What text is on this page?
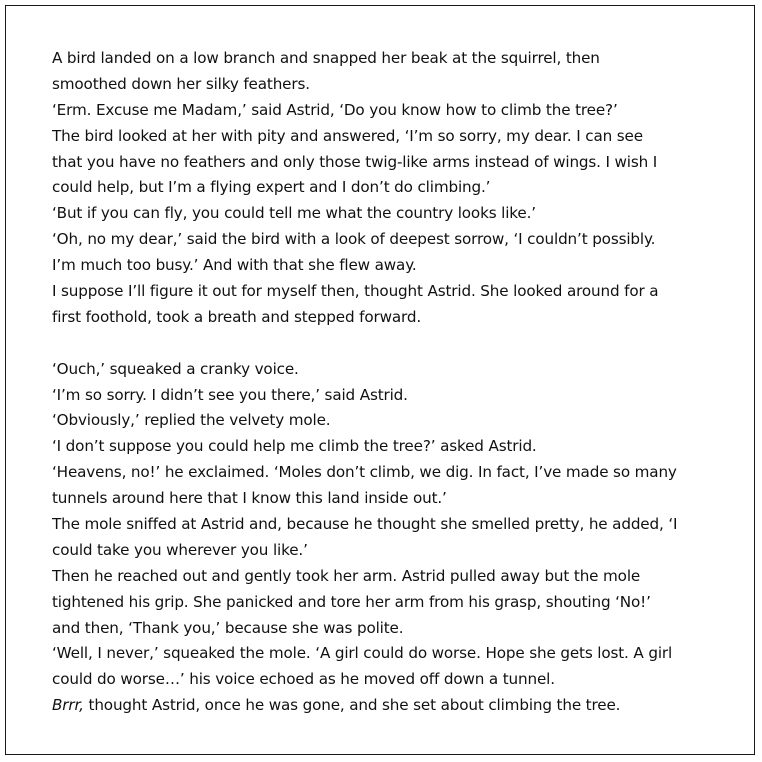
A bird landed on a low branch and snapped her beak at the squirrel, then
smoothed down her silky feathers.
‘Erm. Excuse me Madam,’ said Astrid, ‘Do you know how to climb the tree?’
The bird looked at her with pity and answered, ‘I’m so sorry, my dear. I can see
that you have no feathers and only those twig-like arms instead of wings. I wish I
could help, but I’m a flying expert and I don’t do climbing.’
‘But if you can fly, you could tell me what the country looks like.’
‘Oh, no my dear,’ said the bird with a look of deepest sorrow, ‘I couldn’t possibly.
I’m much too busy.’ And with that she flew away.
I suppose I’ll figure it out for myself then, thought Astrid. She looked around for a
first foothold, took a breath and stepped forward.
‘Ouch,’ squeaked a cranky voice.
‘I’m so sorry. I didn’t see you there,’ said Astrid.
‘Obviously,’ replied the velvety mole.
‘I don’t suppose you could help me climb the tree?’ asked Astrid.
‘Heavens, no!’ he exclaimed. ‘Moles don’t climb, we dig. In fact, I’ve made so many
tunnels around here that I know this land inside out.’
The mole sniffed at Astrid and, because he thought she smelled pretty, he added, ‘I
could take you wherever you like.’
Then he reached out and gently took her arm. Astrid pulled away but the mole
tightened his grip. She panicked and tore her arm from his grasp, shouting ‘No!’
and then, ‘Thank you,’ because she was polite.
‘Well, I never,’ squeaked the mole. ‘A girl could do worse. Hope she gets lost. A girl
could do worse…’ his voice echoed as he moved off down a tunnel.
Brrr, thought Astrid, once he was gone, and she set about climbing the tree.
